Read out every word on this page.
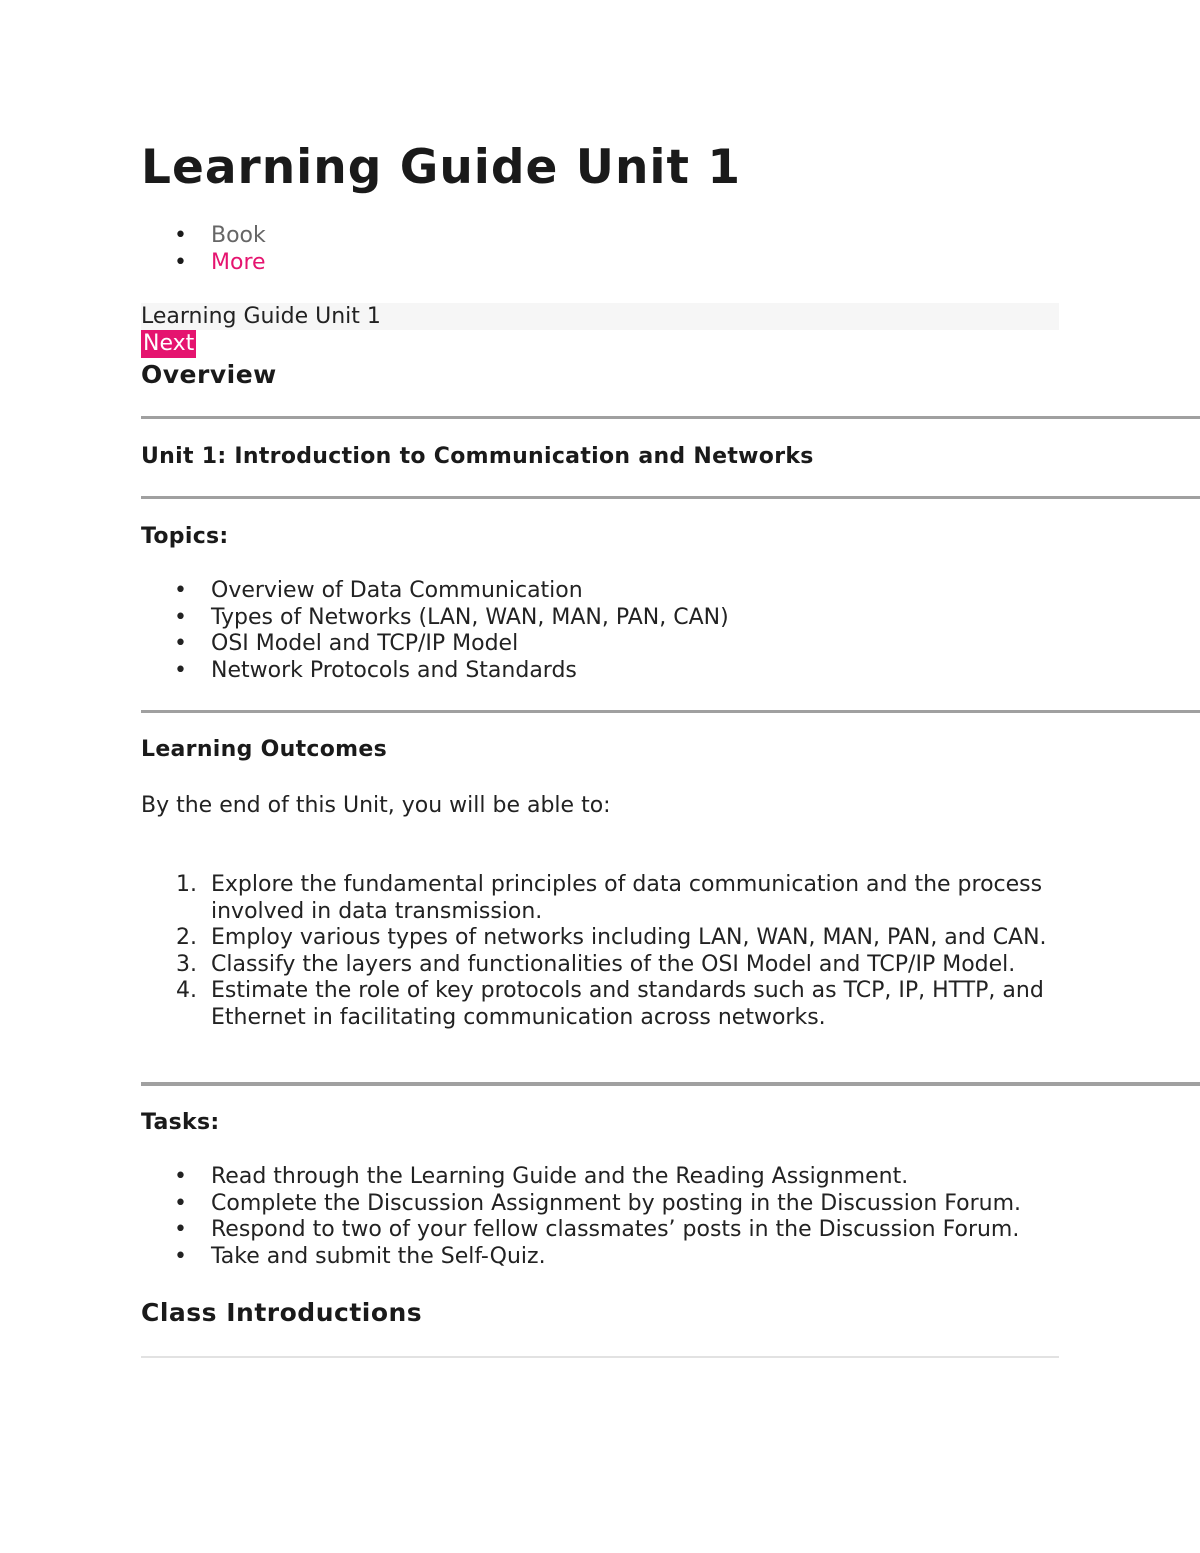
Learning Guide Unit 1
• Book
• More
Learning Guide Unit 1
Next
Overview
Unit 1: Introduction to Communication and Networks
Topics:
• Overview of Data Communication
• Types of Networks (LAN, WAN, MAN, PAN, CAN)
• OSI Model and TCP/IP Model
• Network Protocols and Standards
Learning Outcomes

By the end of this Unit, you will be able to:

1. Explore the fundamental principles of data communication and the process involved in data transmission.
2. Employ various types of networks including LAN, WAN, MAN, PAN, and CAN.
3. Classify the layers and functionalities of the OSI Model and TCP/IP Model.
4. Estimate the role of key protocols and standards such as TCP, IP, HTTP, and Ethernet in facilitating communication across networks.
Tasks:
• Read through the Learning Guide and the Reading Assignment.
• Complete the Discussion Assignment by posting in the Discussion Forum.
• Respond to two of your fellow classmates’ posts in the Discussion Forum.
• Take and submit the Self-Quiz.
Class Introductions
